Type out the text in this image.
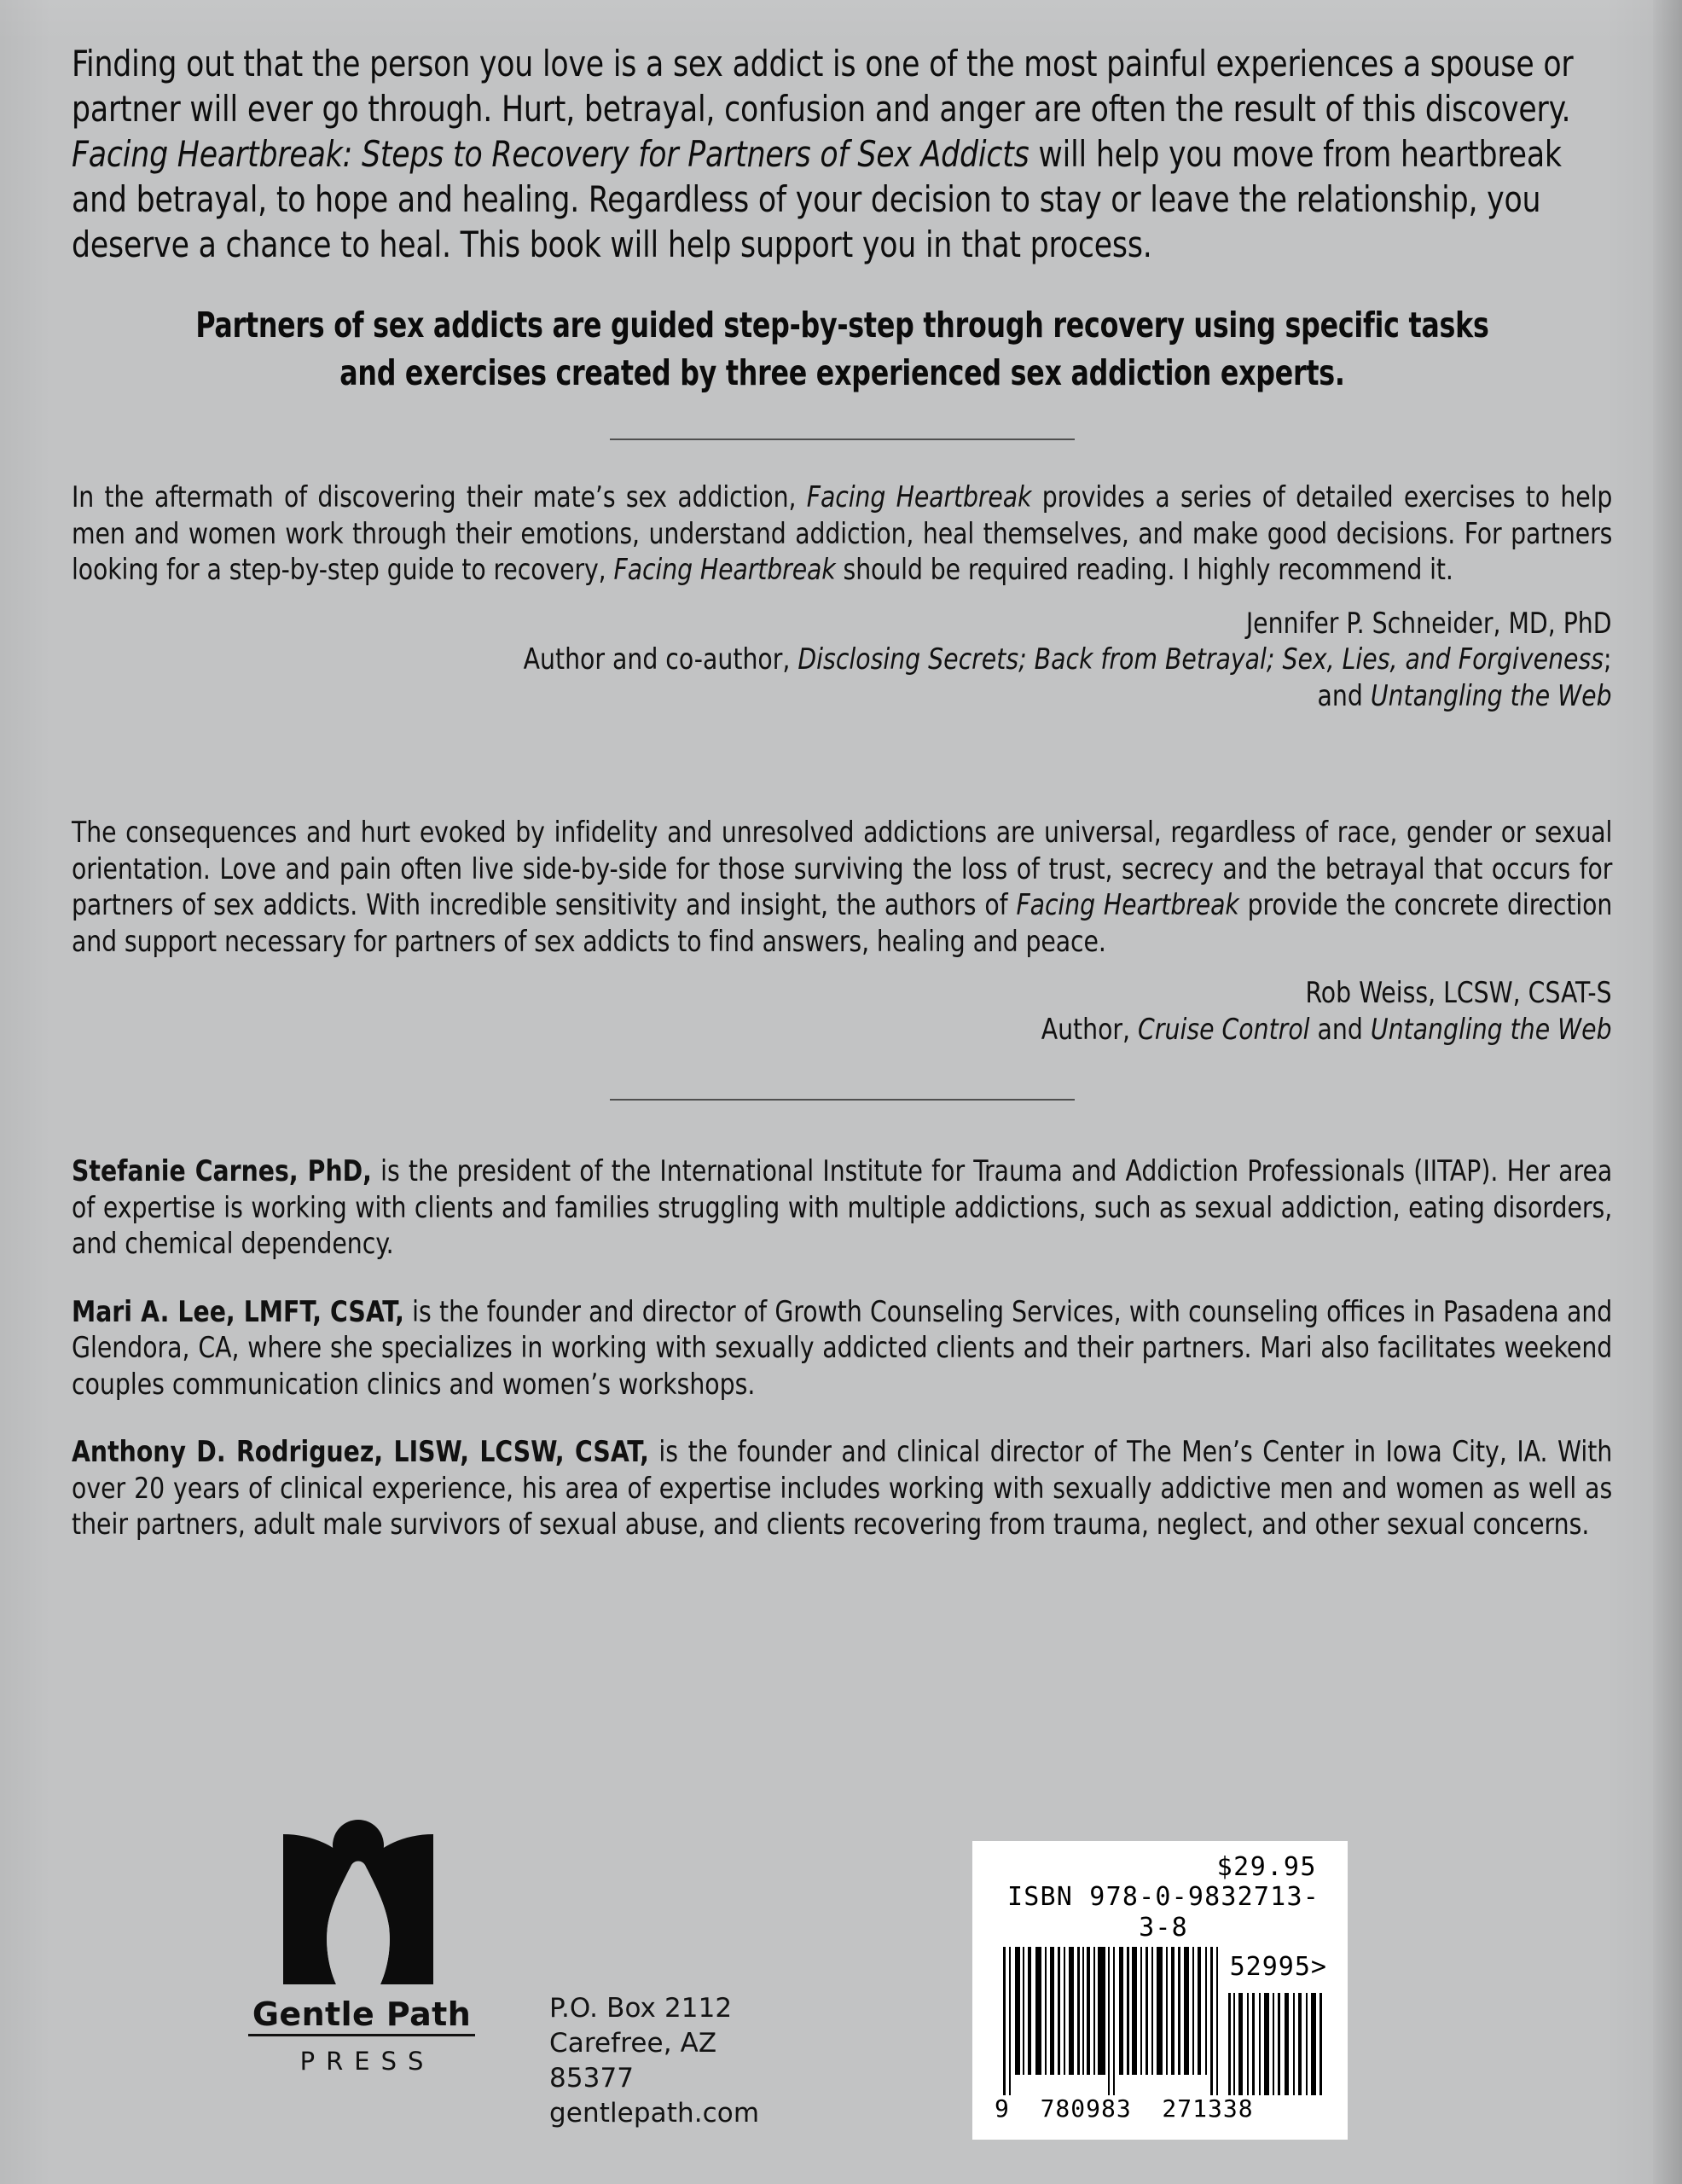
Finding out that the person you love is a sex addict is one of the most painful experiences a spouse or partner will ever go through. Hurt, betrayal, confusion and anger are often the result of this discovery. Facing Heartbreak: Steps to Recovery for Partners of Sex Addicts will help you move from heartbreak and betrayal, to hope and healing. Regardless of your decision to stay or leave the relationship, you deserve a chance to heal. This book will help support you in that process.

Partners of sex addicts are guided step-by-step through recovery using specific tasks
and exercises created by three experienced sex addiction experts.

In the aftermath of discovering their mate’s sex addiction, Facing Heartbreak provides a series of detailed exercises to help men and women work through their emotions, understand addiction, heal themselves, and make good decisions. For partners looking for a step-by-step guide to recovery, Facing Heartbreak should be required reading. I highly recommend it.

Jennifer P. Schneider, MD, PhD
Author and co-author, Disclosing Secrets; Back from Betrayal; Sex, Lies, and Forgiveness;
and Untangling the Web

The consequences and hurt evoked by infidelity and unresolved addictions are universal, regardless of race, gender or sexual orientation. Love and pain often live side-by-side for those surviving the loss of trust, secrecy and the betrayal that occurs for partners of sex addicts. With incredible sensitivity and insight, the authors of Facing Heartbreak provide the concrete direction and support necessary for partners of sex addicts to find answers, healing and peace.

Rob Weiss, LCSW, CSAT-S
Author, Cruise Control and Untangling the Web

Stefanie Carnes, PhD, is the president of the International Institute for Trauma and Addiction Professionals (IITAP). Her area of expertise is working with clients and families struggling with multiple addictions, such as sexual addiction, eating disorders, and chemical dependency.

Mari A. Lee, LMFT, CSAT, is the founder and director of Growth Counseling Services, with counseling offices in Pasadena and Glendora, CA, where she specializes in working with sexually addicted clients and their partners. Mari also facilitates weekend couples communication clinics and women’s workshops.

Anthony D. Rodriguez, LISW, LCSW, CSAT, is the founder and clinical director of The Men’s Center in Iowa City, IA. With over 20 years of clinical experience, his area of expertise includes working with sexually addictive men and women as well as their partners, adult male survivors of sexual abuse, and clients recovering from trauma, neglect, and other sexual concerns.

Gentle Path
PRESS
P.O. Box 2112
Carefree, AZ 85377
gentlepath.com
$29.95
ISBN 978-0-9832713-3-8
52995>
9  780983  271338
